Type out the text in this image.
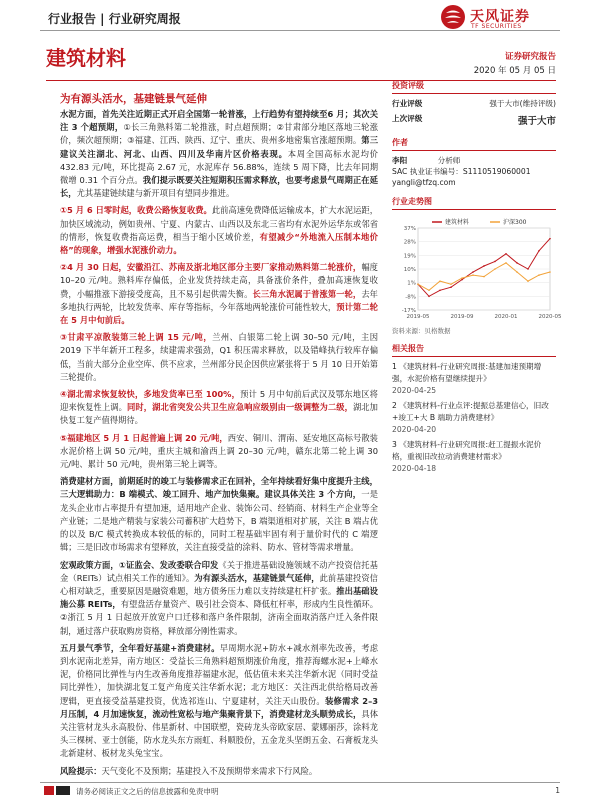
行业报告 | 行业研究周报	天风证券
TF SECURITIES
建筑材料	证券研究报告
2020 年 05 月 05 日
为有源头活水，基建链景气延伸

水泥方面，首先关注近期正式开启全国第一轮普涨，上行趋势有望持续至6 月；其次关注 3 个超预期，①长三角熟料第二轮推涨，时点超预期；②甘肃部分地区落地三轮涨价，频次超预期；③福建、江西、陕西、辽宁、重庆、贵州多地密集官涨超预期。第三建议关注湖北、河北、山西、四川及华南片区价格表现。本周全国高标水泥均价 432.83 元/吨，环比提高 2.67 元，水泥库存 56.88%，连续 5 周下降，比去年同期微增 0.31 个百分点。我们提示既要关注短期积压需求释放，也要考虑景气周期正在延长，尤其基建链续建与新开项目有望同步推进。

①5 月 6 日零时起，收费公路恢复收费。此前高速免费降低运输成本，扩大水泥运距，加快区域流动，例如贵州、宁夏、内蒙古、山西以及东北三省均有水泥外运华东或邻省的情形，恢复收费指高运费，相当于缩小区域价差，有望减少“外地流入压制本地价格”的现象，增强水泥涨价动力。

②4 月 30 日起，安徽沿江、苏南及浙北地区部分主要厂家推动熟料第二轮涨价，幅度 10–20 元/吨。熟料库存偏低，企业发货持续走高，具备涨价条件，叠加高速恢复收费，小幅推涨下游接受度高，且不易引起供需失衡。长三角水泥属于普涨第一轮，去年多地执行两轮，比较发货率、库存等指标，今年落地两轮涨价可能性较大，预计第二轮在 5 月中旬前后。

③甘肃平凉散装第三轮上调 15 元/吨，兰州、白银第二轮上调 30–50 元/吨，主因 2019 下半年新开工程多，续建需求强劲，Q1 积压需求释放，以及错峰执行较库存偏低，当前大部分企业空库、供不应求，兰州部分民企因供应紧张将于 5 月 10 日开始第三轮提价。

④湖北需求恢复较快，多地发货率已至 100%，预计 5 月中旬前后武汉及鄂东地区将迎来恢复性上调。同时，湖北省突发公共卫生应急响应级别由一级调整为二级，湖北加快复工复产值得期待。

⑤福建地区 5 月 1 日起普遍上调 20 元/吨，西安、铜川、渭南、延安地区高标号散装水泥价格上调 50 元/吨，重庆主城和渝西上调 20–30 元/吨，赣东北第二轮上调 30 元/吨、累计 50 元/吨，贵州第三轮上调等。

消费建材方面，前期延时的竣工与装修需求正在回补，全年持续看好集中度提升主线，三大逻辑助力：B 端模式、竣工回升、地产加快集聚。建议具体关注 3 个方向，一是龙头企业市占率提升有望加速，适用地产企业、装饰公司、经销商、材料生产企业等全产业链；二是地产精装与家装公司蓄积扩大趋势下，B 端渠道相对扩展，关注 B 端占优的以及 B/C 模式转换成本较低的标的，同时工程基础牢固有利于量价时代的 C 端逻辑；三是旧改市场需求有望释放，关注直接受益的涂料、防水、管材等需求增量。

宏观政策方面，①证监会、发改委联合印发《关于推进基础设施领域不动产投资信托基金（REITs）试点相关工作的通知》。为有源头活水，基建链景气延伸，此前基建投资信心相对缺乏，重要原因是融资难题，地方债务压力难以支持续建杠杆扩张。推出基础设施公募 REITs，有望盘活存量资产、吸引社会资本、降低杠杆率，形成内生良性循环。②浙江 5 月 1 日起放开放宽户口迁移和落户条件限制，济南全面取消落户迁入条件限制，通过落户获取购房资格，释放部分刚性需求。

五月景气季节，全年看好基建+消费建材。早周期水泥+防水+减水剂率先改善，考虑到水泥南北差异，南方地区：受益长三角熟料超预期涨价角度，推荐海螺水泥+上峰水泥，价格同比弹性与内生改善角度推荐福建水泥，低估值未来关注华新水泥（同时受益同比弹性），加快湖北复工复产角度关注华新水泥；北方地区：关注西北供给格局改善逻辑，更直接受益基建投资，优选祁连山、宁夏建材，关注天山股份。装修需求 2–3 月压制，4 月加速恢复，流动性宽松与地产集聚背景下，消费建材龙头顺势成长，具体关注管材龙头永高股份、伟星新材、中国联塑，瓷砖龙头帝欧家居、蒙娜丽莎，涂料龙头三棵树、亚士创能，防水龙头东方雨虹、科顺股份，五金龙头坚朗五金、石膏板龙头北新建材、板材龙头兔宝宝。

风险提示：天气变化不及预期；基建投入不及预期带来需求下行风险。

投资评级
行业评级	强于大市(维持评级)
上次评级	强于大市
作者
李阳	分析师
SAC 执业证书编号：S1110519060001
yangli@tfzq.com
行业走势图
37%
28%
19%
10%
1%
-8%
-17%
2019-05	2019-09	2020-01	2020-05
建筑材料	沪深300
资料来源：贝格数据
相关报告
1 《建筑材料-行业研究周报:基建加速预期增强，水泥价格有望继续提升》
2020-04-25
2 《建筑材料-行业点评:提振总基建信心，旧改+竣工+大 B 端助力消费建材》
2020-04-20
3 《建筑材料-行业研究周报:赶工提振水泥价格，重视旧改拉动消费建材需求》
2020-04-18
请务必阅读正文之后的信息披露和免责申明	1
